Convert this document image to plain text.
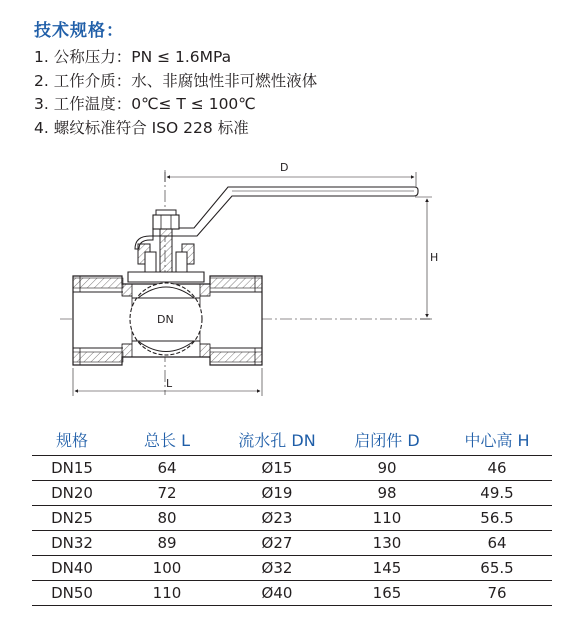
技术规格：
1. 公称压力：PN ≤ 1.6MPa
2. 工作介质：水、非腐蚀性非可燃性液体
3. 工作温度：0℃≤ T ≤ 100℃
4. 螺纹标准符合 ISO 228 标准
D
H
DN
L
规格	总长 L	流水孔 DN	启闭件 D	中心高 H
DN15	64	Ø15	90	46
DN20	72	Ø19	98	49.5
DN25	80	Ø23	110	56.5
DN32	89	Ø27	130	64
DN40	100	Ø32	145	65.5
DN50	110	Ø40	165	76
